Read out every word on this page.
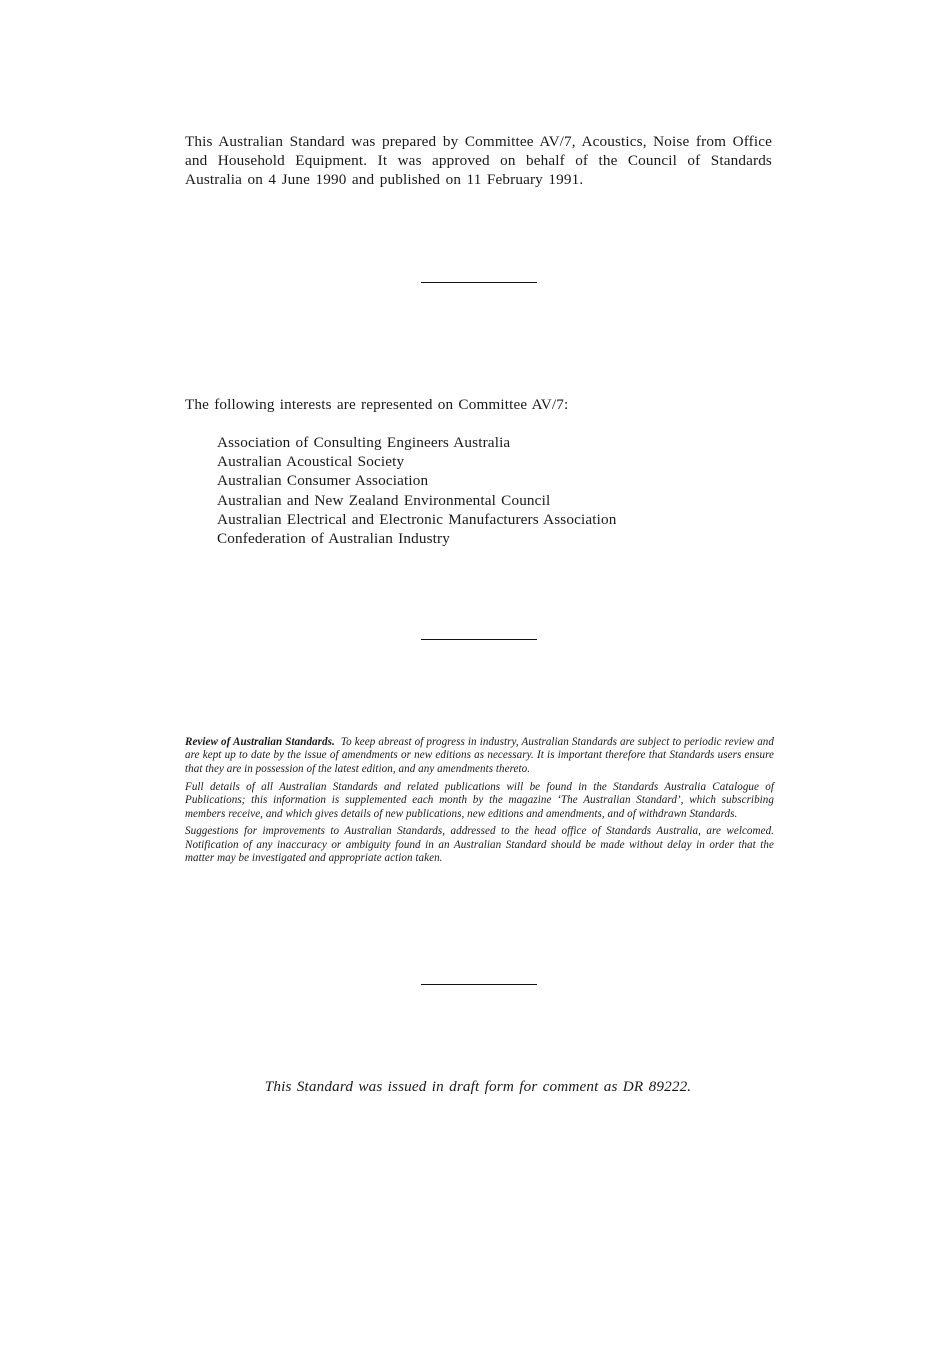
This Australian Standard was prepared by Committee AV/7, Acoustics, Noise from Office and Household Equipment. It was approved on behalf of the Council of Standards Australia on 4 June 1990 and published on 11 February 1991.

The following interests are represented on Committee AV/7:

Association of Consulting Engineers Australia
Australian Acoustical Society
Australian Consumer Association
Australian and New Zealand Environmental Council
Australian Electrical and Electronic Manufacturers Association
Confederation of Australian Industry

Review of Australian Standards. To keep abreast of progress in industry, Australian Standards are subject to periodic review and are kept up to date by the issue of amendments or new editions as necessary. It is important therefore that Standards users ensure that they are in possession of the latest edition, and any amendments thereto.

Full details of all Australian Standards and related publications will be found in the Standards Australia Catalogue of Publications; this information is supplemented each month by the magazine ‘The Australian Standard’, which subscribing members receive, and which gives details of new publications, new editions and amendments, and of withdrawn Standards.

Suggestions for improvements to Australian Standards, addressed to the head office of Standards Australia, are welcomed. Notification of any inaccuracy or ambiguity found in an Australian Standard should be made without delay in order that the matter may be investigated and appropriate action taken.

This Standard was issued in draft form for comment as DR 89222.
